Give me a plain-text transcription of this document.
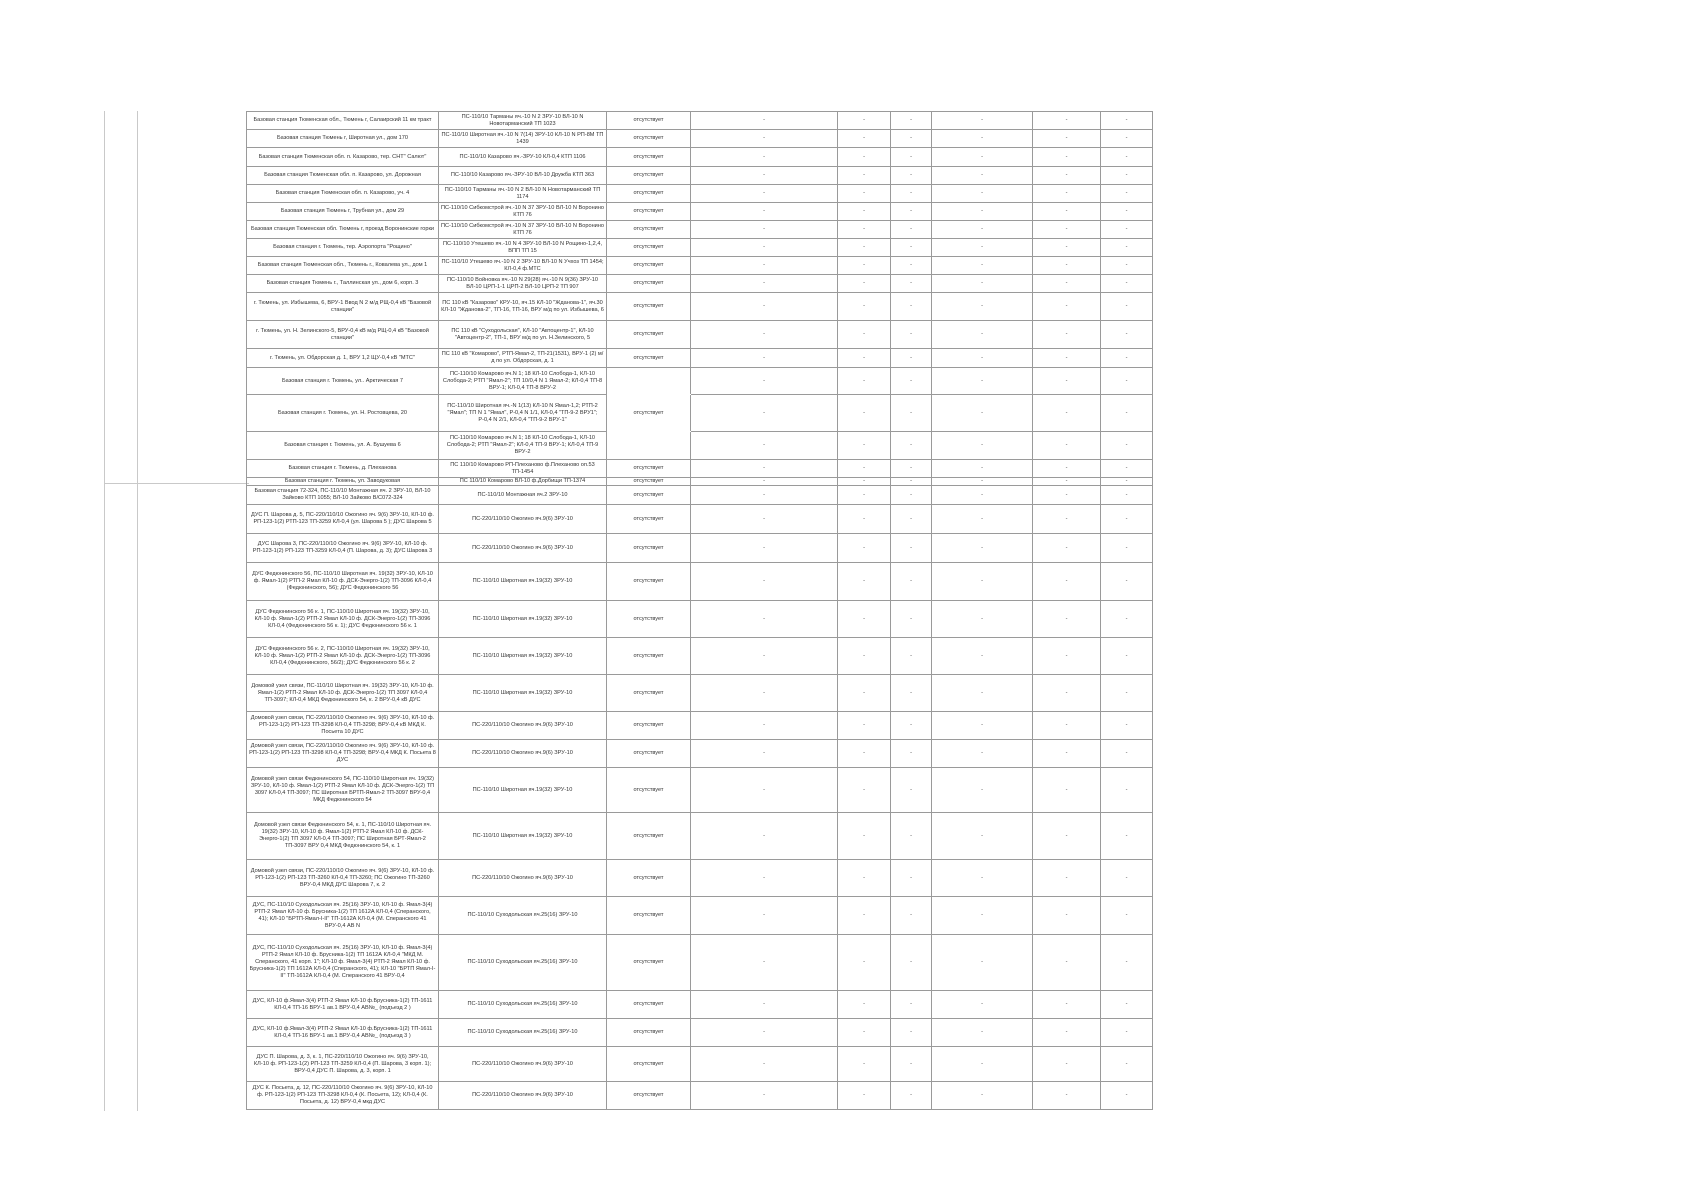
Базовая станция Тюменская обл., Тюмень г, Салаирский 11 км тракт	ПС-110/10 Тарманы яч.-10 N 2 ЗРУ-10 ВЛ-10 N Новотарманский ТП 1023	отсутствует	-	-	-	-	-	-
Базовая станция Тюмень г, Широтная ул., дом 170	ПС-110/10 Широтная яч.-10 N 7(14) ЗРУ-10 КЛ-10 N РП-8М ТП 1439	отсутствует	-	-	-	-	-	-
Базовая станция Тюменская обл. п. Казарово, тер. СНТ" Салют"	ПС-110/10 Казарово яч.-ЗРУ-10 КЛ-0,4 КТП 1106	отсутствует	-	-	-	-	-	-
Базовая станция Тюменская обл. п. Казарово, ул. Дорожная	ПС-110/10 Казарово яч.-ЗРУ-10 ВЛ-10 Дружба КТП 363	отсутствует	-	-	-	-	-	-
Базовая станция Тюменская обл. п. Казарово, уч. 4	ПС-110/10 Тарманы яч.-10 N 2 ВЛ-10 N Новотарманский ТП 1174	отсутствует	-	-	-	-	-	-
Базовая станция Тюмень г, Трубная ул., дом 29	ПС-110/10 Сибкомстрой яч.-10 N 37 ЗРУ-10 ВЛ-10 N Воронино КТП 76	отсутствует	-	-	-	-	-	-
Базовая станция Тюменская обл. Тюмень г, проезд Воронинские горки	ПС-110/10 Сибкомстрой яч.-10 N 37 ЗРУ-10 ВЛ-10 N Воронино КТП 76	отсутствует	-	-	-	-	-	-
Базовая станция г. Тюмень, тер. Аэропорта "Рощино"	ПС-110/10 Утешево яч.-10 N 4 ЗРУ-10 ВЛ-10 N Рощино-1,2,4, ВПП ТП 15	отсутствует	-	-	-	-	-	-
Базовая станция Тюменская обл., Тюмень г., Ковалева ул., дом 1	ПС-110/10 Утешево яч.-10 N 2 ЗРУ-10 ВЛ-10 N Учхоз ТП 1454; КЛ-0,4 ф.МТС	отсутствует	-	-	-	-	-	-
Базовая станция Тюмень г., Таллинская ул., дом 6, корп. 3	ПС-110/10 Войновка яч.-10 N 29(28) яч.-10 N 9(36) ЗРУ-10 ВЛ-10 ЦРП-1-1 ЦРП-2 ВЛ-10 ЦРП-2 ТП 907	отсутствует	-	-	-	-	-	-
г. Тюмень, ул. Избышева, 6, ВРУ-1 Ввод N 2 м/д РЩ-0,4 кВ "Базовой станции"	ПС 110 кВ "Казарово" КРУ-10, яч.15 КЛ-10 "Жданова-1", яч.30 КЛ-10 "Жданова-2", ТП-16, ТП-16, ВРУ м/д по ул. Избышева, 6	отсутствует	-	-	-	-	-	-
г. Тюмень, ул. Н. Зелинского-5, ВРУ-0,4 кВ м/д РЩ-0,4 кВ "Базовой станции"	ПС 110 кВ "Суходольская", КЛ-10 "Автоцентр-1", КЛ-10 "Автоцентр-2", ТП-1, ВРУ м/д по ул. Н.Зелинского, 5	отсутствует	-	-	-	-	-	-
г. Тюмень, ул. Обдорская д. 1, ВРУ 1,2 ЩУ-0,4 кВ "МТС"	ПС 110 кВ "Комарово", РТП-Ямал-2, ТП-21(1531), ВРУ-1 (2) м/д по ул. Обдорская, д. 1	отсутствует	-	-	-	-	-	-
Базовая станция г. Тюмень, ул.. Арктическая 7	ПС-110/10 Комарово яч.N 1; 18 КЛ-10 Слобода-1, КЛ-10 Слобода-2; РТП "Ямал-2"; ТП 10/0,4 N 1 Ямал-2; КЛ-0,4 ТП-8 ВРУ-1; КЛ-0,4 ТП-8 ВРУ-2		-	-	-	-	-	-
Базовая станция г. Тюмень, ул. Н. Ростовцева, 20	ПС-110/10 Широтная яч.-N 1(13) КЛ-10 N Ямал-1,2; РТП-2 "Ямал"; ТП N 1 "Ямал", Р-0,4 N 1/1, КЛ-0,4 "ТП-9-2 ВРУ1"; Р-0,4 N 2/1, КЛ-0,4 "ТП-9-2 ВРУ-1"	отсутствует	-	-	-	-	-	-
Базовая станция г. Тюмень, ул. А. Бушуева 6	ПС-110/10 Комарово яч.N 1; 18 КЛ-10 Слобода-1, КЛ-10 Слобода-2; РТП "Ямал-2"; КЛ-0,4 ТП-9 ВРУ-1; КЛ-0,4 ТП-9 ВРУ-2		-	-	-	-	-	-
Базовая станция г. Тюмень, д. Плеханова	ПС 110/10 Комарово РП-Плеханово ф.Плеханово оп.53 ТП-1454	отсутствует	-	-	-	-	-	-
Базовая станция г. Тюмень, ул. Заводуковая	ПС 110/10 Комарово ВЛ-10 ф.Дорбищи ТП-1374	отсутствует	-	-	-	-	-	-
Базовая станция 72-324, ПС-110/10 Монтажная яч. 2 ЗРУ-10, ВЛ-10 Зайково КТП 1055; ВЛ-10 Зайково В/С072-324	ПС-110/10 Монтажная яч.2 ЗРУ-10	отсутствует	-	-	-	-	-	-
ДУС П. Шарова д. 5, ПС-220/110/10 Ожогино яч. 9(6) ЗРУ-10, КЛ-10 ф. РП-123-1(2) РТП-123 ТП-3259 КЛ-0,4 (ул. Шарова 5 ); ДУС Шарова 5	ПС-220/110/10 Ожогино яч.9(6) ЗРУ-10	отсутствует	-	-	-	-	-	-
ДУС Шарова 3, ПС-220/110/10 Ожогино яч. 9(6) ЗРУ-10, КЛ-10 ф. РП-123-1(2) РП-123 ТП-3259 КЛ-0,4 (П. Шарова, д. 3); ДУС Шарова 3	ПС-220/110/10 Ожогино яч.9(6) ЗРУ-10	отсутствует	-	-	-	-	-	-
ДУС Федюнинского 56, ПС-110/10 Широтная яч. 19(32) ЗРУ-10, КЛ-10 ф. Ямал-1(2) РТП-2 Ямал КЛ-10 ф. ДСК-Энерго-1(2) ТП-3096 КЛ-0,4 (Федюнинского, 56); ДУС Федюнинского 56	ПС-110/10 Широтная яч.19(32) ЗРУ-10	отсутствует	-	-	-	-	-	-
ДУС Федюнинского 56 к. 1, ПС-110/10 Широтная яч. 19(32) ЗРУ-10, КЛ-10 ф. Ямал-1(2) РТП-2 Ямал КЛ-10 ф. ДСК-Энерго-1(2) ТП-3096 КЛ-0,4 (Федюнинского 56 к. 1); ДУС Федюнинского 56 к. 1	ПС-110/10 Широтная яч.19(32) ЗРУ-10	отсутствует	-	-	-	-	-	-
ДУС Федюнинского 56 к. 2, ПС-110/10 Широтная яч. 19(32) ЗРУ-10, КЛ-10 ф. Ямал-1(2) РТП-2 Ямал КЛ-10 ф. ДСК-Энерго-1(2) ТП-3096 КЛ-0,4 (Федюнинского, 56/2); ДУС Федюнинского 56 к. 2	ПС-110/10 Широтная яч.19(32) ЗРУ-10	отсутствует	-	-	-	-	-	-
Домовой узел связи, ПС-110/10 Широтная яч. 19(32) ЗРУ-10, КЛ-10 ф. Ямал-1(2) РТП-2 Ямал КЛ-10 ф. ДСК-Энерго-1(2) ТП 3097 КЛ-0,4 ТП-3097; КЛ-0,4 МКД Федюнинского 54, к. 2 ВРУ-0,4 кВ ДУС	ПС-110/10 Широтная яч.19(32) ЗРУ-10	отсутствует	-	-	-	-	-	-
Домовой узел связи, ПС-220/110/10 Ожогино яч. 9(6) ЗРУ-10, КЛ-10 ф. РП-123-1(2) РП-123 ТП-3298 КЛ-0,4 ТП-3298; ВРУ-0,4 кВ МКД К. Посьета 10 ДУС	ПС-220/110/10 Ожогино яч.9(6) ЗРУ-10	отсутствует	-	-	-	-	-	-
Домовой узел связи, ПС-220/110/10 Ожогино яч. 9(6) ЗРУ-10, КЛ-10 ф. РП-123-1(2) РП-123 ТП-3298 КЛ-0,4 ТП-3298; ВРУ-0,4 МКД К. Посьета 8 ДУС	ПС-220/110/10 Ожогино яч.9(6) ЗРУ-10	отсутствует	-	-	-	-	-	-
Домовой узел связи Федюнинского 54, ПС-110/10 Широтная яч. 19(32) ЗРУ-10, КЛ-10 ф. Ямал-1(2) РТП-2 Ямал КЛ-10 ф. ДСК-Энерго-1(2) ТП 3097 КЛ-0,4 ТП-3097; ПС Широтная БРТП-Ямал-2 ТП-3097 ВРУ-0,4 МКД Федюнинского 54	ПС-110/10 Широтная яч.19(32) ЗРУ-10	отсутствует	-	-	-	-	-	-
Домовой узел связи Федюнинского 54, к. 1, ПС-110/10 Широтная яч. 19(32) ЗРУ-10, КЛ-10 ф. Ямал-1(2) РТП-2 Ямал КЛ-10 ф. ДСК-Энерго-1(2) ТП 3097 КЛ-0,4 ТП-3097; ПС Широтная БРТ-Ямал-2 ТП-3097 ВРУ 0,4 МКД Федюнинского 54, к. 1	ПС-110/10 Широтная яч.19(32) ЗРУ-10	отсутствует	-	-	-	-	-	-
Домовой узел связи, ПС-220/110/10 Ожогино яч. 9(6) ЗРУ-10, КЛ-10 ф. РП-123-1(2) РП-123 ТП-3260 КЛ-0,4 ТП-3260; ПС Ожогино ТП-3260 ВРУ-0,4 МКД ДУС Шарова 7, к. 2	ПС-220/110/10 Ожогино яч.9(6) ЗРУ-10	отсутствует	-	-	-	-	-	-
ДУС, ПС-110/10 Суходольская яч. 25(16) ЗРУ-10, КЛ-10 ф. Ямал-3(4) РТП-2 Ямал КЛ-10 ф. Брусника-1(2) ТП 1612А КЛ-0,4 (Сперанского, 41); КЛ-10 "БРТП-Ямал-I-II" ТП-1612А КЛ-0,4 (М. Сперанского 41 ВРУ-0,4 АВ N	ПС-110/10 Суходольская яч.25(16) ЗРУ-10	отсутствует	-	-	-	-	-	-
ДУС, ПС-110/10 Суходольская яч. 25(16) ЗРУ-10, КЛ-10 ф. Ямал-3(4) РТП-2 Ямал КЛ-10 ф. Брусника-1(2) ТП 1612А КЛ-0,4 "МКД М. Сперанского, 41 корп. 1"; КЛ-10 ф. Ямал-3(4) РТП-2 Ямал КЛ-10 ф. Брусника-1(2) ТП 1612А КЛ-0,4 (Сперанского, 41); КЛ-10 "БРТП Ямал-I-II" ТП-1612А КЛ-0,4 (М. Сперанского 41 ВРУ-0,4	ПС-110/10 Суходольская яч.25(16) ЗРУ-10	отсутствует	-	-	-	-	-	-
ДУС, КЛ-10 ф.Ямал-3(4) РТП-2 Ямал КЛ-10 ф.Брусника-1(2) ТП-1611 КЛ-0,4 ТП-16 ВРУ-1 ав.1 ВРУ-0,4 АВ№_ (подъезд 2 )	ПС-110/10 Суходольская яч.25(16) ЗРУ-10	отсутствует	-	-	-	-	-	-
ДУС, КЛ-10 ф.Ямал-3(4) РТП-2 Ямал КЛ-10 ф.Брусника-1(2) ТП-1611 КЛ-0,4 ТП-16 ВРУ-1 ав.1 ВРУ-0,4 АВ№_ (подъезд 3 )	ПС-110/10 Суходольская яч.25(16) ЗРУ-10	отсутствует	-	-	-	-	-	-
ДУС П. Шарова, д. 3, к. 1, ПС-220/110/10 Ожогино яч. 9(6) ЗРУ-10, КЛ-10 ф. РП-123-1(2) РП-123 ТП-3259 КЛ-0,4 (П. Шарова, 3 корп. 1); ВРУ-0,4 ДУС П. Шарова, д. 3, корп. 1	ПС-220/110/10 Ожогино яч.9(6) ЗРУ-10	отсутствует	-	-	-	-	-	-
ДУС К. Посьета, д. 12, ПС-220/110/10 Ожогино яч. 9(6) ЗРУ-10, КЛ-10 ф. РП-123-1(2) РП-123 ТП-3298 КЛ-0,4 (К. Посьета, 12); КЛ-0,4 (К. Посьета, д. 12) ВРУ-0,4 мкд ДУС	ПС-220/110/10 Ожогино яч.9(6) ЗРУ-10	отсутствует	-	-	-	-	-	-
